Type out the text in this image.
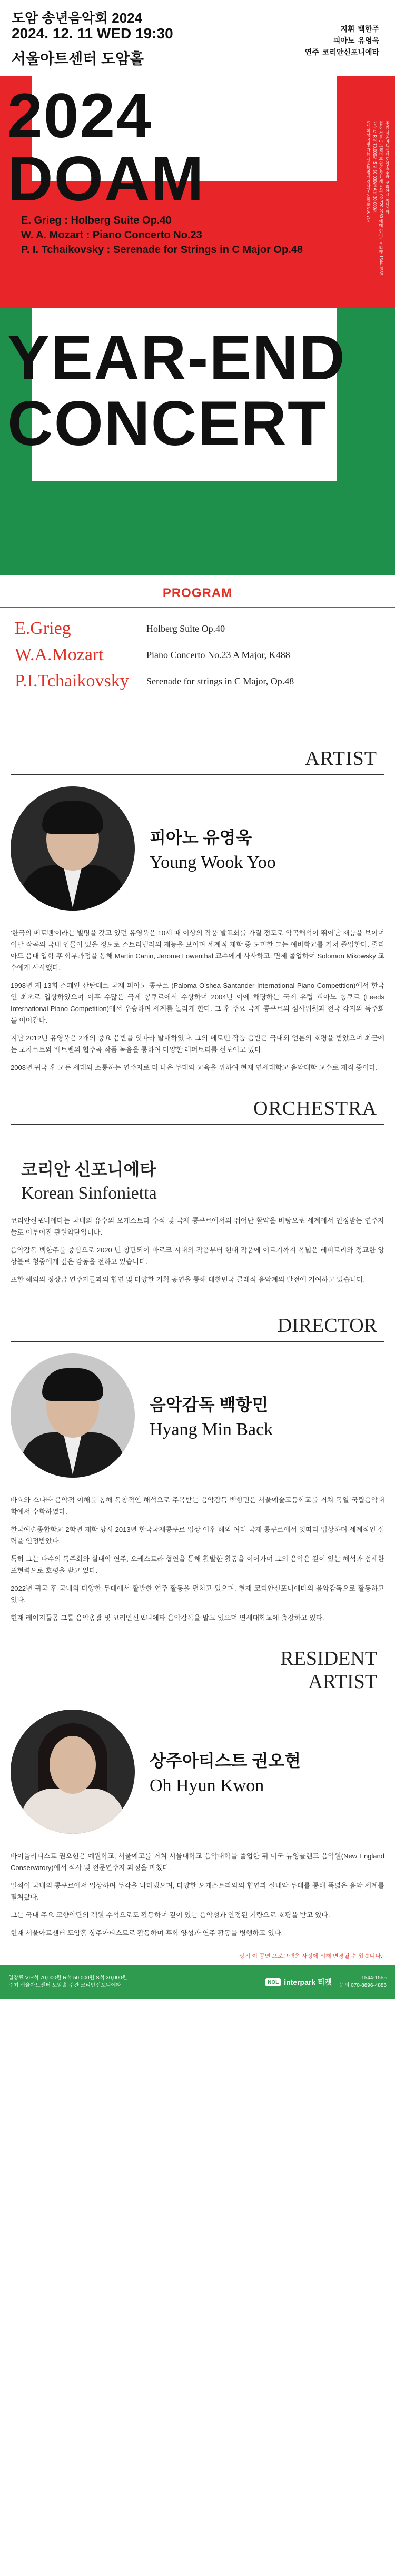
도암 송년음악회 2024
2024. 12. 11 WED 19:30
서울아트센터 도암홀
지휘 백한주
피아노 유영욱
연주 코리안신포니에타
2024
DOAM
E. Grieg : Holberg Suite Op.40
W. A. Mozart : Piano Concerto No.23
P. I. Tchaikovsky : Serenade for Strings in C Major Op.48
YEAR-END
CONCERT
주최 서울아트센터 도암홀 주관 코리안신포니에타
협찬 서울아트센터 후원 삼성화재 문의 02-720-2060 예매 인터파크티켓 1544-1555
입장료 R석 70,000원 S석 50,000원 A석 30,000원
8세 이상 입장 가능 서울특별시 강남구 논현로 566 7층
PROGRAM
E.Grieg	Holberg Suite Op.40
W.A.Mozart	Piano Concerto No.23 A Major, K488
P.I.Tchaikovsky	Serenade for strings in C Major, Op.48
ARTIST
피아노 유영욱
Young Wook Yoo

'한국의 베토벤'이라는 별명을 갖고 있던 유영욱은 10세 때 이상의 작품 발표회를 가질 정도로 악곡해석이 뛰어난 재능을 보이며 이탈 작곡의 국내 인물이 있을 정도로 스토리텔러의 재능을 보이며 세계적 재학 중 도미한 그는 예비학교를 거쳐 졸업한다. 줄리아드 음대 입학 후 학부과정을 통해 Martin Canin, Jerome Lowenthal 교수에게 사사하고, 면제 졸업하여 Solomon Mikowsky 교수에게 사사했다.

1998년 제 13회 스페인 산탄데르 국제 피아노 콩쿠르 (Paloma O'shea Santander International Piano Competition)에서 한국인 최초로 입상하였으며 이후 수많은 국제 콩쿠르에서 수상하며 2004년 이에 해당하는 국제 유럽 피아노 콩쿠르 (Leeds International Piano Competition)에서 우승하며 세계를 놀라게 한다. 그 후 주요 국제 콩쿠르의 심사위원과 전국 각지의 독주회를 이어간다.

지난 2012년 유영욱은 2개의 중요 음반을 잇따라 발매하였다. 그의 베토벤 작품 음반은 국내외 언론의 호평을 받았으며 최근에는 모차르트와 베토벤의 협주곡 작품 녹음을 통하여 다양한 레퍼토리를 선보이고 있다.

2008년 귀국 후 모든 세대와 소통하는 연주자로 더 나은 무대와 교육을 위하여 현재 연세대학교 음악대학 교수로 재직 중이다.

ORCHESTRA
코리안 신포니에타
Korean Sinfonietta

코리안신포니에타는 국내외 유수의 오케스트라 수석 및 국제 콩쿠르에서의 뛰어난 활약을 바탕으로 세계에서 인정받는 연주자들로 이루어진 관현악단입니다.

음악감독 백한주를 중심으로 2020 년 창단되어 바로크 시대의 작품부터 현대 작품에 이르기까지 폭넓은 레퍼토리와 정교한 앙상블로 청중에게 깊은 감동을 전하고 있습니다.

또한 해외의 정상급 연주자들과의 협연 및 다양한 기획 공연을 통해 대한민국 클래식 음악계의 발전에 기여하고 있습니다.

DIRECTOR
음악감독 백항민
Hyang Min Back

바흐와 소나타 음악적 이해를 통해 독창적인 해석으로 주목받는 음악감독 백항민은 서울예술고등학교를 거쳐 독일 국립음악대학에서 수학하였다.

한국예술종합학교 2학년 재학 당시 2013년 한국국제콩쿠르 입상 이후 해외 여러 국제 콩쿠르에서 잇따라 입상하며 세계적인 실력을 인정받았다.

특히 그는 다수의 독주회와 실내악 연주, 오케스트라 협연을 통해 활발한 활동을 이어가며 그의 음악은 깊이 있는 해석과 섬세한 표현력으로 호평을 받고 있다.

2022년 귀국 후 국내외 다양한 무대에서 활발한 연주 활동을 펼치고 있으며, 현재 코리안신포니에타의 음악감독으로 활동하고 있다.

현재 레이지풀몽 그룹 음악총괄 및 코리안신포니에타 음악감독을 맡고 있으며 연세대학교에 출강하고 있다.

RESIDENT
ARTIST
상주아티스트 권오현
Oh Hyun Kwon

바이올리니스트 권오현은 예원학교, 서울예고를 거쳐 서울대학교 음악대학을 졸업한 뒤 미국 뉴잉글랜드 음악원(New England Conservatory)에서 석사 및 전문연주자 과정을 마쳤다.

일찍이 국내외 콩쿠르에서 입상하며 두각을 나타냈으며, 다양한 오케스트라와의 협연과 실내악 무대를 통해 폭넓은 음악 세계를 펼쳐왔다.

그는 국내 주요 교향악단의 객원 수석으로도 활동하며 깊이 있는 음악성과 안정된 기량으로 호평을 받고 있다.

현재 서울아트센터 도암홀 상주아티스트로 활동하며 후학 양성과 연주 활동을 병행하고 있다.

상기 이 공연 프로그램은 사정에 의해 변경될 수 있습니다.
입장료 VIP석 70,000원 R석 50,000원 S석 30,000원
주최 서울아트센터 도암홀 주관 코리안신포니에타
NOL interpark 티켓	1544-1555
문의 070-8896-4886
